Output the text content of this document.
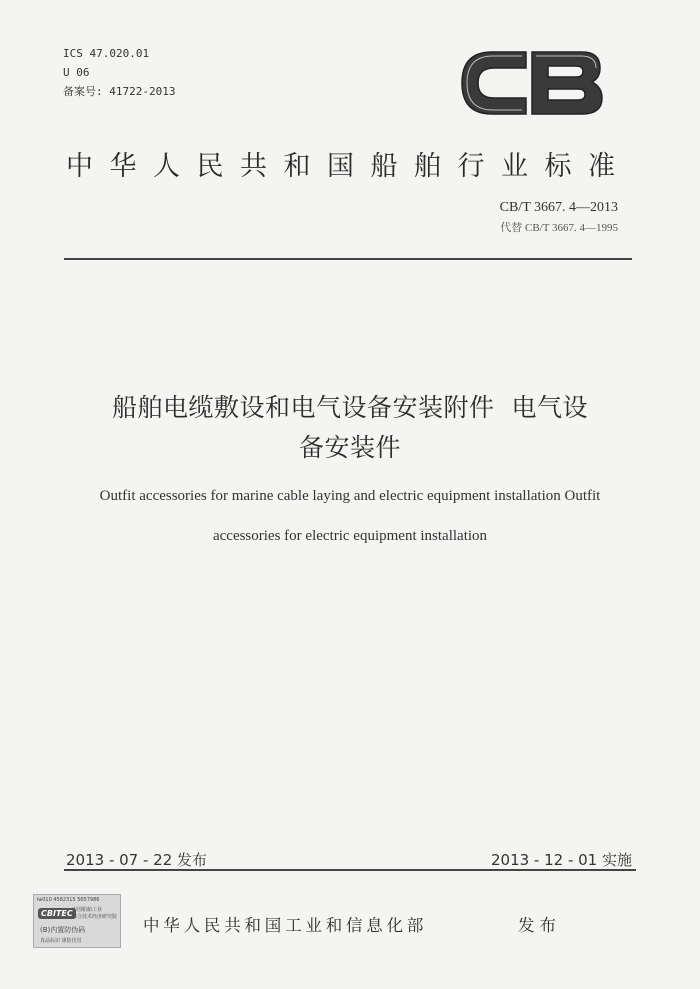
ICS 47.020.01
U 06
备案号: 41722-2013
中华人民共和国船舶行业标准
CB/T 3667. 4—2013
代替 CB/T 3667. 4—1995
船舶电缆敷设和电气设备安装附件  电气设
备安装件
Outfit accessories for marine cable laying and electric equipment installation Outfit
accessories for electric equipment installation
2013 - 07 - 22 发布	2013 - 12 - 01 实施
№010 4562315 5657986
CBITEC 中国船舶工业
综合技术经济研究院
(B)内置防伪码
真品标识 谨防仿冒
中华人民共和国工业和信息化部	发布
